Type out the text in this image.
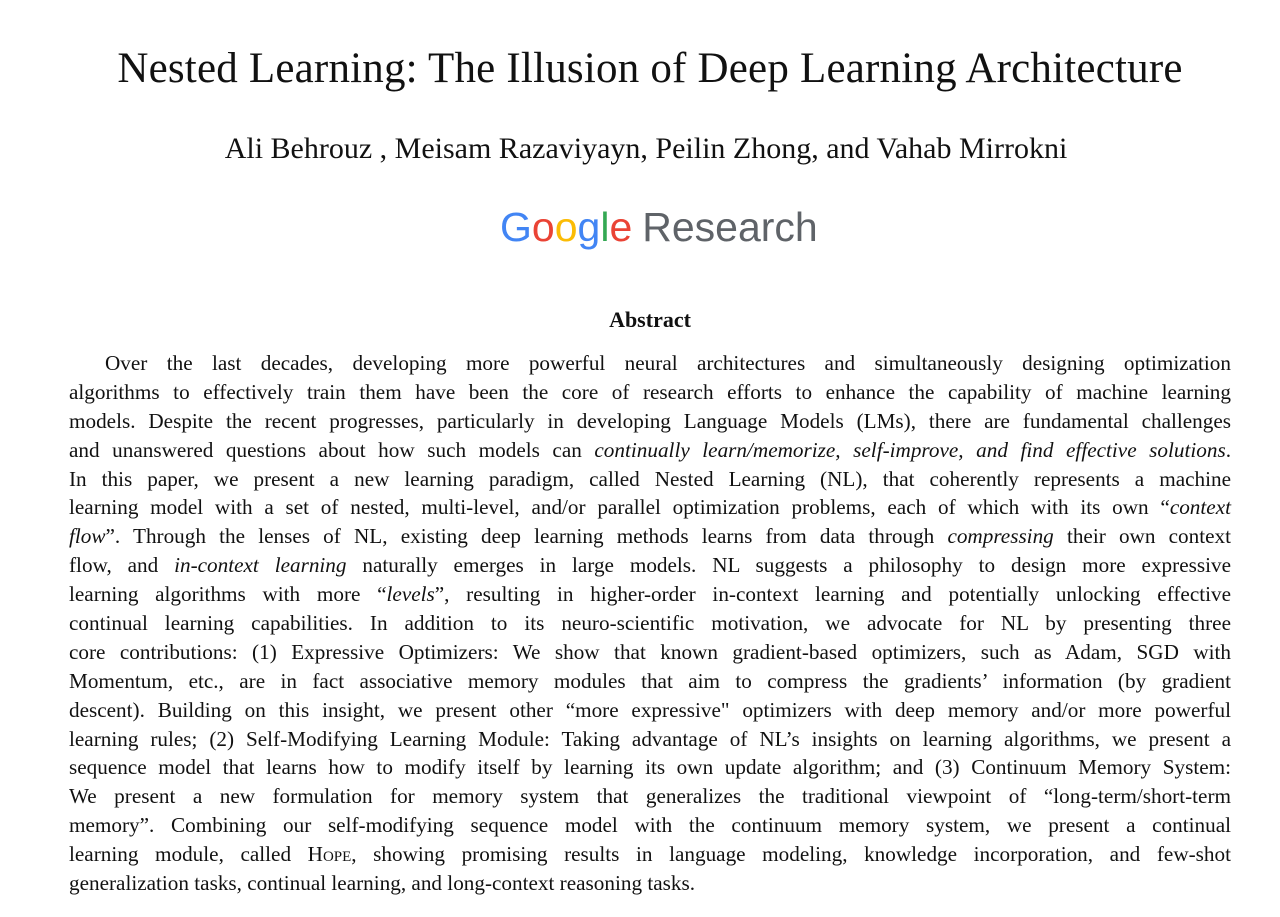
Nested Learning: The Illusion of Deep Learning Architecture
Ali Behrouz , Meisam Razaviyayn, Peilin Zhong, and Vahab Mirrokni
Google Research
Abstract
Over the last decades, developing more powerful neural architectures and simultaneously designing optimization
algorithms to effectively train them have been the core of research efforts to enhance the capability of machine learning
models. Despite the recent progresses, particularly in developing Language Models (LMs), there are fundamental challenges
and unanswered questions about how such models can continually learn/memorize, self-improve, and find effective solutions.
In this paper, we present a new learning paradigm, called Nested Learning (NL), that coherently represents a machine
learning model with a set of nested, multi-level, and/or parallel optimization problems, each of which with its own “context
flow”. Through the lenses of NL, existing deep learning methods learns from data through compressing their own context
flow, and in-context learning naturally emerges in large models. NL suggests a philosophy to design more expressive
learning algorithms with more “levels”, resulting in higher-order in-context learning and potentially unlocking effective
continual learning capabilities. In addition to its neuro-scientific motivation, we advocate for NL by presenting three
core contributions: (1) Expressive Optimizers: We show that known gradient-based optimizers, such as Adam, SGD with
Momentum, etc., are in fact associative memory modules that aim to compress the gradients’ information (by gradient
descent). Building on this insight, we present other “more expressive" optimizers with deep memory and/or more powerful
learning rules; (2) Self-Modifying Learning Module: Taking advantage of NL’s insights on learning algorithms, we present a
sequence model that learns how to modify itself by learning its own update algorithm; and (3) Continuum Memory System:
We present a new formulation for memory system that generalizes the traditional viewpoint of “long-term/short-term
memory”. Combining our self-modifying sequence model with the continuum memory system, we present a continual
learning module, called Hope, showing promising results in language modeling, knowledge incorporation, and few-shot
generalization tasks, continual learning, and long-context reasoning tasks.
